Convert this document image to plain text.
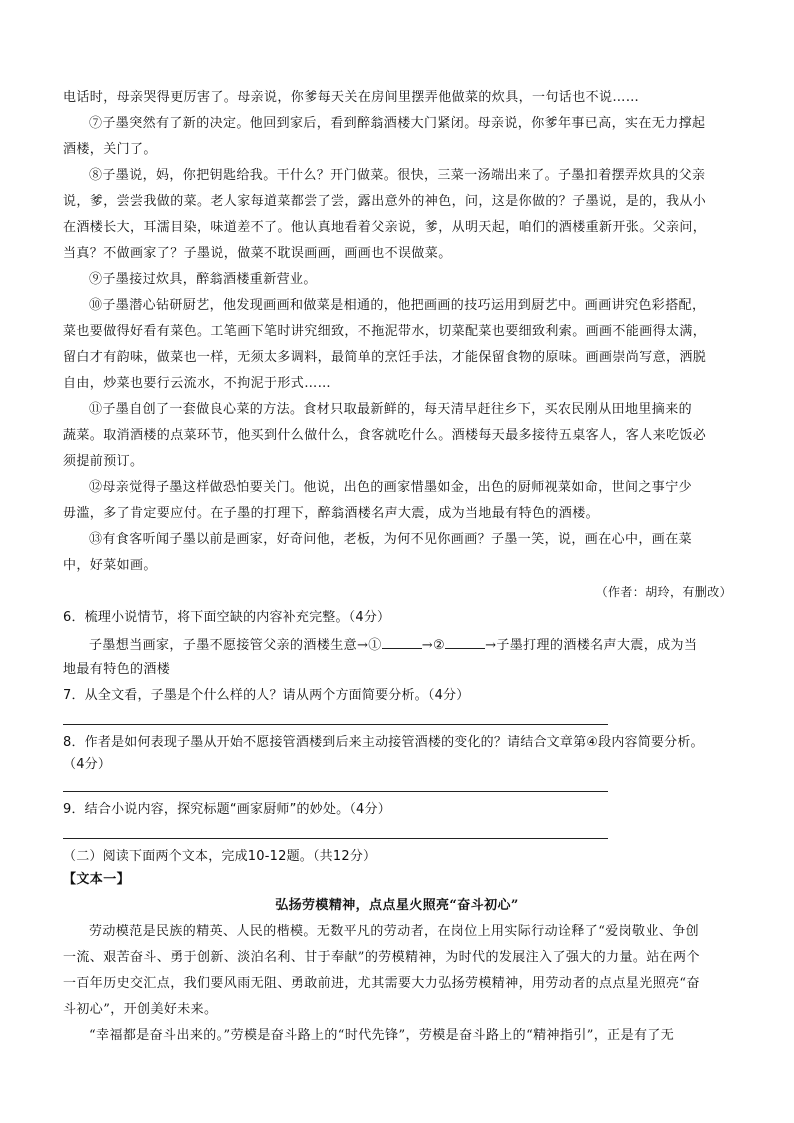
电话时，母亲哭得更厉害了。母亲说，你爹每天关在房间里摆弄他做菜的炊具，一句话也不说……
⑦子墨突然有了新的决定。他回到家后，看到醉翁酒楼大门紧闭。母亲说，你爹年事已高，实在无力撑起
酒楼，关门了。
⑧子墨说，妈，你把钥匙给我。干什么？开门做菜。很快，三菜一汤端出来了。子墨扣着摆弄炊具的父亲
说，爹，尝尝我做的菜。老人家每道菜都尝了尝，露出意外的神色，问，这是你做的？子墨说，是的，我从小
在酒楼长大，耳濡目染，味道差不了。他认真地看着父亲说，爹，从明天起，咱们的酒楼重新开张。父亲问，
当真？不做画家了？子墨说，做菜不耽误画画，画画也不误做菜。
⑨子墨接过炊具，醉翁酒楼重新营业。
⑩子墨潜心钻研厨艺，他发现画画和做菜是相通的，他把画画的技巧运用到厨艺中。画画讲究色彩搭配，
菜也要做得好看有菜色。工笔画下笔时讲究细致，不拖泥带水，切菜配菜也要细致利索。画画不能画得太满，
留白才有韵味，做菜也一样，无须太多调料，最简单的烹饪手法，才能保留食物的原味。画画崇尚写意，洒脱
自由，炒菜也要行云流水，不拘泥于形式……
⑪子墨自创了一套做良心菜的方法。食材只取最新鲜的，每天清早赶往乡下，买农民刚从田地里摘来的
蔬菜。取消酒楼的点菜环节，他买到什么做什么，食客就吃什么。酒楼每天最多接待五桌客人，客人来吃饭必
须提前预订。
⑫母亲觉得子墨这样做恐怕要关门。他说，出色的画家惜墨如金，出色的厨师视菜如命，世间之事宁少
毋滥，多了肯定要应付。在子墨的打理下，醉翁酒楼名声大震，成为当地最有特色的酒楼。
⑬有食客听闻子墨以前是画家，好奇问他，老板，为何不见你画画？子墨一笑，说，画在心中，画在菜
中，好菜如画。
（作者：胡玲，有删改）
6．梳理小说情节，将下面空缺的内容补充完整。（4分）
子墨想当画家，子墨不愿接管父亲的酒楼生意→①	→②	→子墨打理的酒楼名声大震，成为当
地最有特色的酒楼
7．从全文看，子墨是个什么样的人？请从两个方面简要分析。（4分）
8．作者是如何表现子墨从开始不愿接管酒楼到后来主动接管酒楼的变化的？请结合文章第④段内容简要分析。
（4分）
9．结合小说内容，探究标题“画家厨师”的妙处。（4分）
（二）阅读下面两个文本，完成10-12题。（共12分）
【文本一】
弘扬劳模精神，点点星火照亮“奋斗初心”
劳动模范是民族的精英、人民的楷模。无数平凡的劳动者，在岗位上用实际行动诠释了“爱岗敬业、争创
一流、艰苦奋斗、勇于创新、淡泊名利、甘于奉献”的劳模精神，为时代的发展注入了强大的力量。站在两个
一百年历史交汇点，我们要风雨无阻、勇敢前进，尤其需要大力弘扬劳模精神，用劳动者的点点星光照亮“奋
斗初心”，开创美好未来。
“幸福都是奋斗出来的。”劳模是奋斗路上的“时代先锋”，劳模是奋斗路上的“精神指引”，正是有了无
